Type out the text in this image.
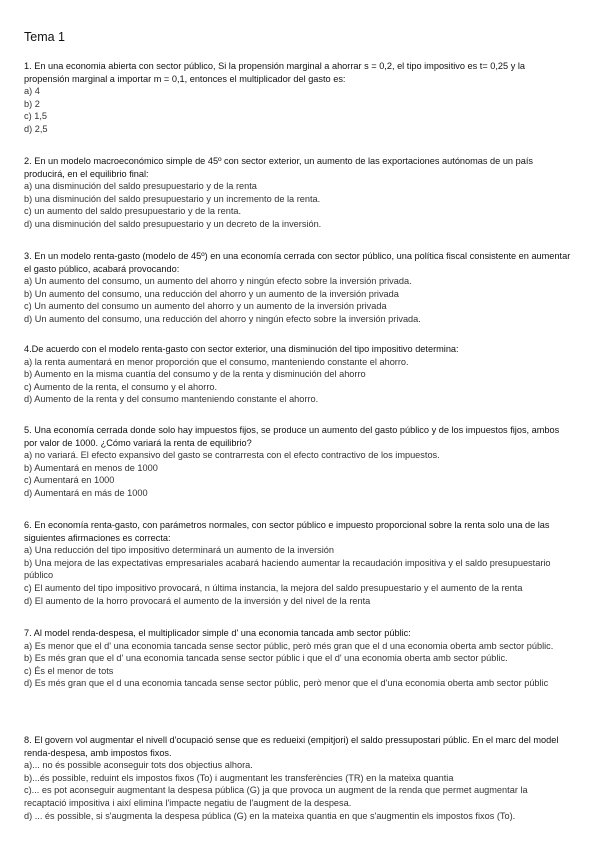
Tema 1
1. En una economia abierta con sector público, Si la propensión marginal a ahorrar s = 0,2, el tipo impositivo es t= 0,25 y la propensión marginal a importar m = 0,1, entonces el multiplicador del gasto es:
a) 4
b) 2
c) 1,5
d) 2,5
2. En un modelo macroeconómico simple de 45º con sector exterior, un aumento de las exportaciones autónomas de un país producirá, en el equilibrio final:
a) una disminución del saldo presupuestario y de la renta
b) una disminución del saldo presupuestario y un incremento de la renta.
c) un aumento del saldo presupuestario y de la renta.
d) una disminución del saldo presupuestario y un decreto de la inversión.
3. En un modelo renta-gasto (modelo de 45º) en una economía cerrada con sector público, una política fiscal consistente en aumentar el gasto público, acabará provocando:
a) Un aumento del consumo, un aumento del ahorro y ningún efecto sobre la inversión privada.
b) Un aumento del consumo, una reducción del ahorro y un aumento de la inversión privada
c) Un aumento del consumo un aumento del ahorro y un aumento de la inversión privada
d) Un aumento del consumo, una reducción del ahorro y ningún efecto sobre la inversión privada.
4.De acuerdo con el modelo renta-gasto con sector exterior, una disminución del tipo impositivo determina:
a) la renta aumentará en menor proporción que el consumo, manteniendo constante el ahorro.
b) Aumento en la misma cuantía del consumo y de la renta y disminución del ahorro
c) Aumento de la renta, el consumo y el ahorro.
d) Aumento de la renta y del consumo manteniendo constante el ahorro.
5. Una economía cerrada donde solo hay impuestos fijos, se produce un aumento del gasto público y de los impuestos fijos, ambos por valor de 1000. ¿Cómo variará la renta de equilibrio?
a) no variará. El efecto expansivo del gasto se contrarresta con el efecto contractivo de los impuestos.
b) Aumentará en menos de 1000
c) Aumentará en 1000
d) Aumentará en más de 1000
6. En economía renta-gasto, con parámetros normales, con sector público e impuesto proporcional sobre la renta solo una de las siguientes afirmaciones es correcta:
a) Una reducción del tipo impositivo determinará un aumento de la inversión
b) Una mejora de las expectativas empresariales acabará haciendo aumentar la recaudación impositiva y el saldo presupuestario público
c) El aumento del tipo impositivo provocará, n última instancia, la mejora del saldo presupuestario y el aumento de la renta
d) El aumento de la horro provocará el aumento de la inversión y del nivel de la renta
7. Al model renda-despesa, el multiplicador simple d' una economia tancada amb sector públic:
a) Es menor que el d' una economia tancada sense sector públic, però més gran que el d una economia oberta amb sector públic.
b) Es més gran que el d' una economia tancada sense sector públic i que el d' una economia oberta amb sector públic.
c) És el menor de tots
d) Es més gran que el d una economia tancada sense sector públic, però menor que el d'una economia oberta amb sector públic
8. El govern vol augmentar el nivell d'ocupació sense que es redueixi (empitjori) el saldo pressupostari públic. En el marc del model renda-despesa, amb impostos fixos.
a)... no és possible aconseguir tots dos objectius alhora.
b)...és possible, reduint els impostos fixos (To) i augmentant les transferències (TR) en la mateixa quantia
c)... es pot aconseguir augmentant la despesa pública (G) ja que provoca un augment de la renda que permet augmentar la recaptació impositiva i així elimina l'impacte negatiu de l'augment de la despesa.
d) ... és possible, si s'augmenta la despesa pública (G) en la mateixa quantia en que s'augmentin els impostos fixos (To).
